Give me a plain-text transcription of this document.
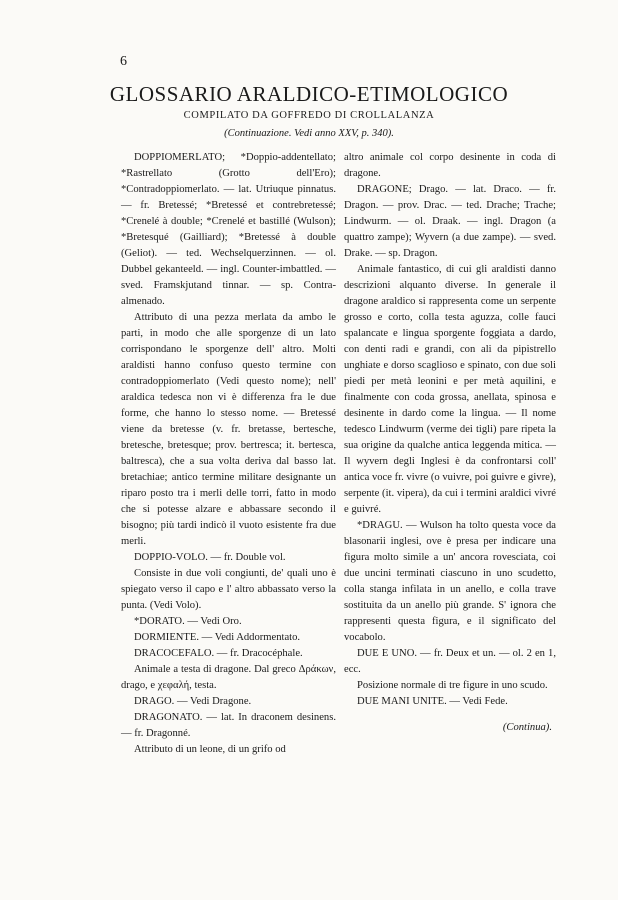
6
GLOSSARIO ARALDICO-ETIMOLOGICO
COMPILATO DA GOFFREDO DI CROLLALANZA
(Continuazione. Vedi anno XXV, p. 340).

DOPPIOMERLATO; *Doppio-addentellato; *Rastrellato (Grotto dell'Ero); *Contradoppiomerlato. — lat. Utriuque pinnatus. — fr. Bretessé; *Bretessé et contrebretessé; *Crenelé à double; *Crenelé et bastillé (Wulson); *Bretesqué (Gailliard); *Bretessé à double (Geliot). — ted. Wechselquerzinnen. — ol. Dubbel gekanteeld. — ingl. Counter-imbattled. — sved. Framskjutand tinnar. — sp. Contra-almenado.

Attributo di una pezza merlata da ambo le parti, in modo che alle sporgenze di un lato corrispondano le sporgenze dell' altro. Molti araldisti hanno confuso questo termine con contradoppiomerlato (Vedi questo nome); nell' araldica tedesca non vi è differenza fra le due forme, che hanno lo stesso nome. — Bretessé viene da bretesse (v. fr. bretasse, bertesche, bretesche, bretesque; prov. bertresca; it. bertesca, baltresca), che a sua volta deriva dal basso lat. bretachiae; antico termine militare designante un riparo posto tra i merli delle torri, fatto in modo che si potesse alzare e abbassare secondo il bisogno; più tardi indicò il vuoto esistente fra due merli.

DOPPIO-VOLO. — fr. Double vol.

Consiste in due voli congiunti, de' quali uno è spiegato verso il capo e l' altro abbassato verso la punta. (Vedi Volo).

*DORATO. — Vedi Oro.

DORMIENTE. — Vedi Addormentato.

DRACOCEFALO. — fr. Dracocéphale.

Animale a testa di dragone. Dal greco Δράκων, drago, e χεφαλή, testa.

DRAGO. — Vedi Dragone.

DRAGONATO. — lat. In draconem desinens. — fr. Dragonné.

Attributo di un leone, di un grifo od

altro animale col corpo desinente in coda di dragone.

DRAGONE; Drago. — lat. Draco. — fr. Dragon. — prov. Drac. — ted. Drache; Trache; Lindwurm. — ol. Draak. — ingl. Dragon (a quattro zampe); Wyvern (a due zampe). — sved. Drake. — sp. Dragon.

Animale fantastico, di cui gli araldisti danno descrizioni alquanto diverse. In generale il dragone araldico si rappresenta come un serpente grosso e corto, colla testa aguzza, colle fauci spalancate e lingua sporgente foggiata a dardo, con denti radi e grandi, con ali da pipistrello unghiate e dorso scaglioso e spinato, con due soli piedi per metà leonini e per metà aquilini, e finalmente con coda grossa, anellata, spinosa e desinente in dardo come la lingua. — Il nome tedesco Lindwurm (verme dei tigli) pare ripeta la sua origine da qualche antica leggenda mitica. — Il wyvern degli Inglesi è da confrontarsi coll' antica voce fr. vivre (o vuivre, poi guivre e givre), serpente (it. vipera), da cui i termini araldici vivré e guivré.

*DRAGU. — Wulson ha tolto questa voce da blasonarii inglesi, ove è presa per indicare una figura molto simile a un' ancora rovesciata, coi due uncini terminati ciascuno in uno scudetto, colla stanga infilata in un anello, e colla trave sostituita da un anello più grande. S' ignora che rappresenti questa figura, e il significato del vocabolo.

DUE E UNO. — fr. Deux et un. — ol. 2 en 1, ecc.

Posizione normale di tre figure in uno scudo.

DUE MANI UNITE. — Vedi Fede.

(Continua).
